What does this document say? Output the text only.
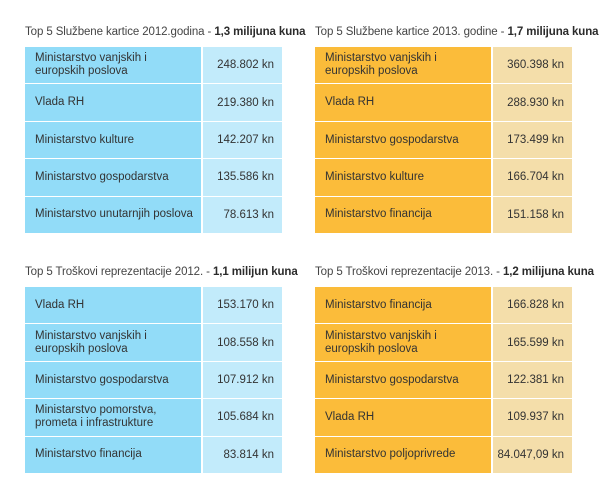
Top 5 Službene kartice 2012.godina - 1,3 milijuna kuna
Ministarstvo vanjskih i europskih poslova	248.802 kn
Vlada RH	219.380 kn
Ministarstvo kulture	142.207 kn
Ministarstvo gospodarstva	135.586 kn
Ministarstvo unutarnjih poslova	78.613 kn
Top 5 Službene kartice 2013. godine - 1,7 milijuna kuna
Ministarstvo vanjskih i europskih poslova	360.398 kn
Vlada RH	288.930 kn
Ministarstvo gospodarstva	173.499 kn
Ministarstvo kulture	166.704 kn
Ministarstvo financija	151.158 kn
Top 5 Troškovi reprezentacije 2012. - 1,1 milijun kuna
Vlada RH	153.170 kn
Ministarstvo vanjskih i europskih poslova	108.558 kn
Ministarstvo gospodarstva	107.912 kn
Ministarstvo pomorstva, prometa i infrastrukture	105.684 kn
Ministarstvo financija	83.814 kn
Top 5 Troškovi reprezentacije 2013. - 1,2 milijuna kuna
Ministarstvo financija	166.828 kn
Ministarstvo vanjskih i europskih poslova	165.599 kn
Ministarstvo gospodarstva	122.381 kn
Vlada RH	109.937 kn
Ministarstvo poljoprivrede	84.047,09 kn
